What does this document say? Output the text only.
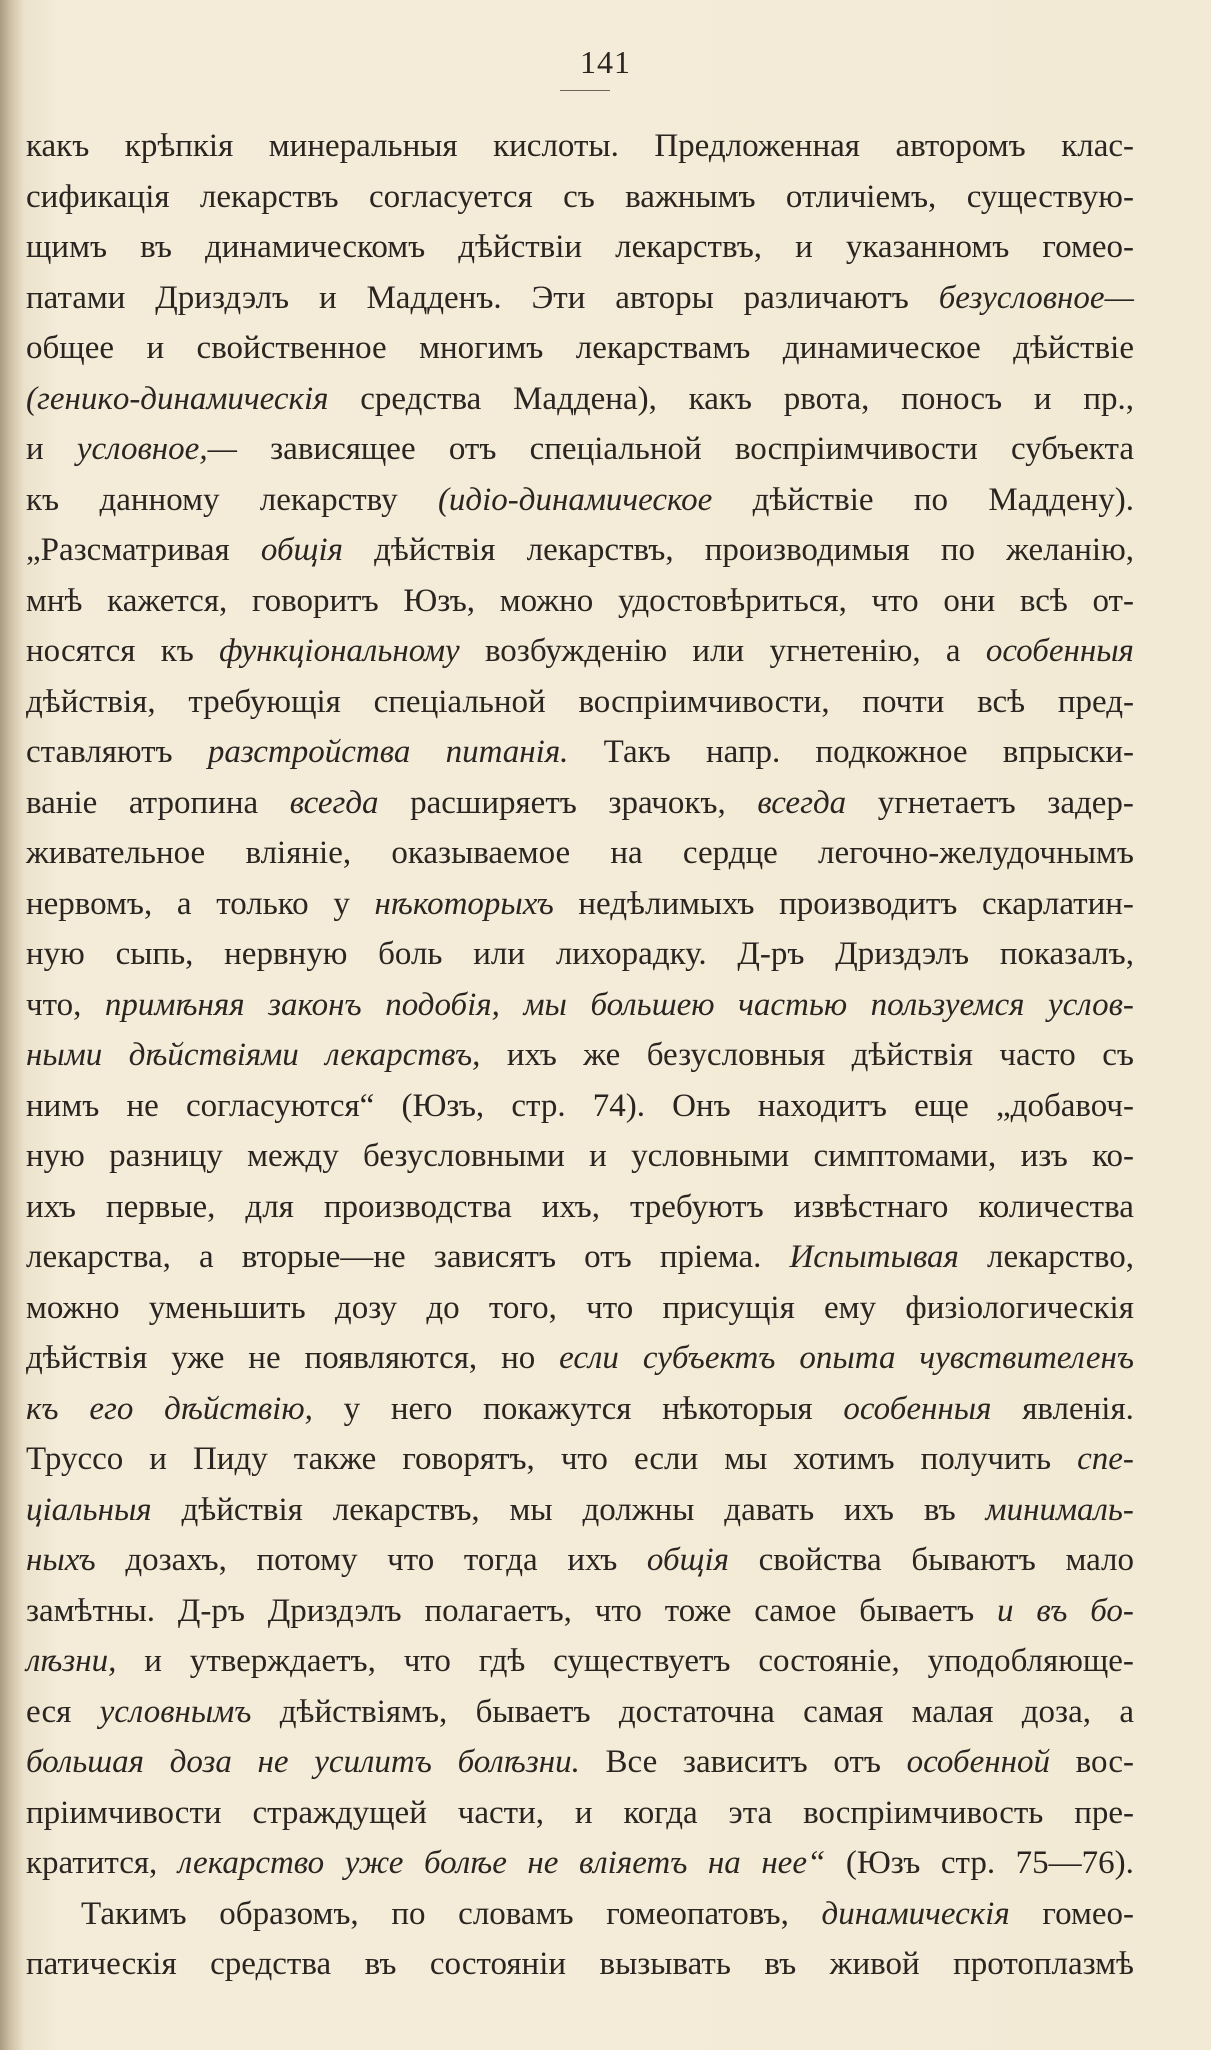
141
какъ крѣпкія минеральныя кислоты. Предложенная авторомъ клас-
сификація лекарствъ согласуется съ важнымъ отличіемъ, существую-
щимъ въ динамическомъ дѣйствіи лекарствъ, и указанномъ гомео-
патами Дриздэлъ и Мадденъ. Эти авторы различаютъ безусловное—
общее и свойственное многимъ лекарствамъ динамическое дѣйствіе
(геникo-динамическія средства Маддена), какъ рвота, поносъ и пр.,
и условное,— зависящее отъ спеціальной воспріимчивости субъекта
къ данному лекарству (идіо-динамическое дѣйствіе по Маддену).
„Разсматривая общія дѣйствія лекарствъ, производимыя по желанію,
мнѣ кажется, говоритъ Юзъ, можно удостовѣриться, что они всѣ от-
носятся къ функціональному возбужденію или угнетенію, а особенныя
дѣйствія, требующія спеціальной воспріимчивости, почти всѣ пред-
ставляютъ разстройства питанія. Такъ напр. подкожное впрыски-
ваніе атропина всегда расширяетъ зрачокъ, всегда угнетаетъ задер-
живательное вліяніе, оказываемое на сердце легочно-желудочнымъ
нервомъ, а только у нѣкоторыхъ недѣлимыхъ производитъ скарлатин-
ную сыпь, нервную боль или лихорадку. Д-ръ Дриздэлъ показалъ,
что, примѣняя законъ подобія, мы большею частью пользуемся услов-
ными дѣйствіями лекарствъ, ихъ же безусловныя дѣйствія часто съ
нимъ не согласуются“ (Юзъ, стр. 74). Онъ находитъ еще „добавоч-
ную разницу между безусловными и условными симптомами, изъ ко-
ихъ первые, для производства ихъ, требуютъ извѣстнаго количества
лекарства, а вторые—не зависятъ отъ пріема. Испытывая лекарство,
можно уменьшить дозу до того, что присущія ему физiологическія
дѣйствія уже не появляются, но если субъектъ опыта чувствителенъ
къ его дѣйствію, у него покажутся нѣкоторыя особенныя явленія.
Труссо и Пиду также говорятъ, что если мы хотимъ получить спе-
ціальныя дѣйствія лекарствъ, мы должны давать ихъ въ минималь-
ныхъ дозахъ, потому что тогда ихъ общія свойства бываютъ мало
замѣтны. Д-ръ Дриздэлъ полагаетъ, что тоже самое бываетъ и въ бо-
лѣзни, и утверждаетъ, что гдѣ существуетъ состояніе, уподобляюще-
еся условнымъ дѣйствіямъ, бываетъ достаточна самая малая доза, а
большая доза не усилитъ болѣзни. Все зависитъ отъ особенной вос-
пріимчивости страждущей части, и когда эта воспріимчивость пре-
кратится, лекарство уже болѣе не вліяетъ на нее“ (Юзъ стр. 75—76).
Такимъ образомъ, по словамъ гомеопатовъ, динамическія гомео-
патическія средства въ состояніи вызывать въ живой протоплазмѣ
